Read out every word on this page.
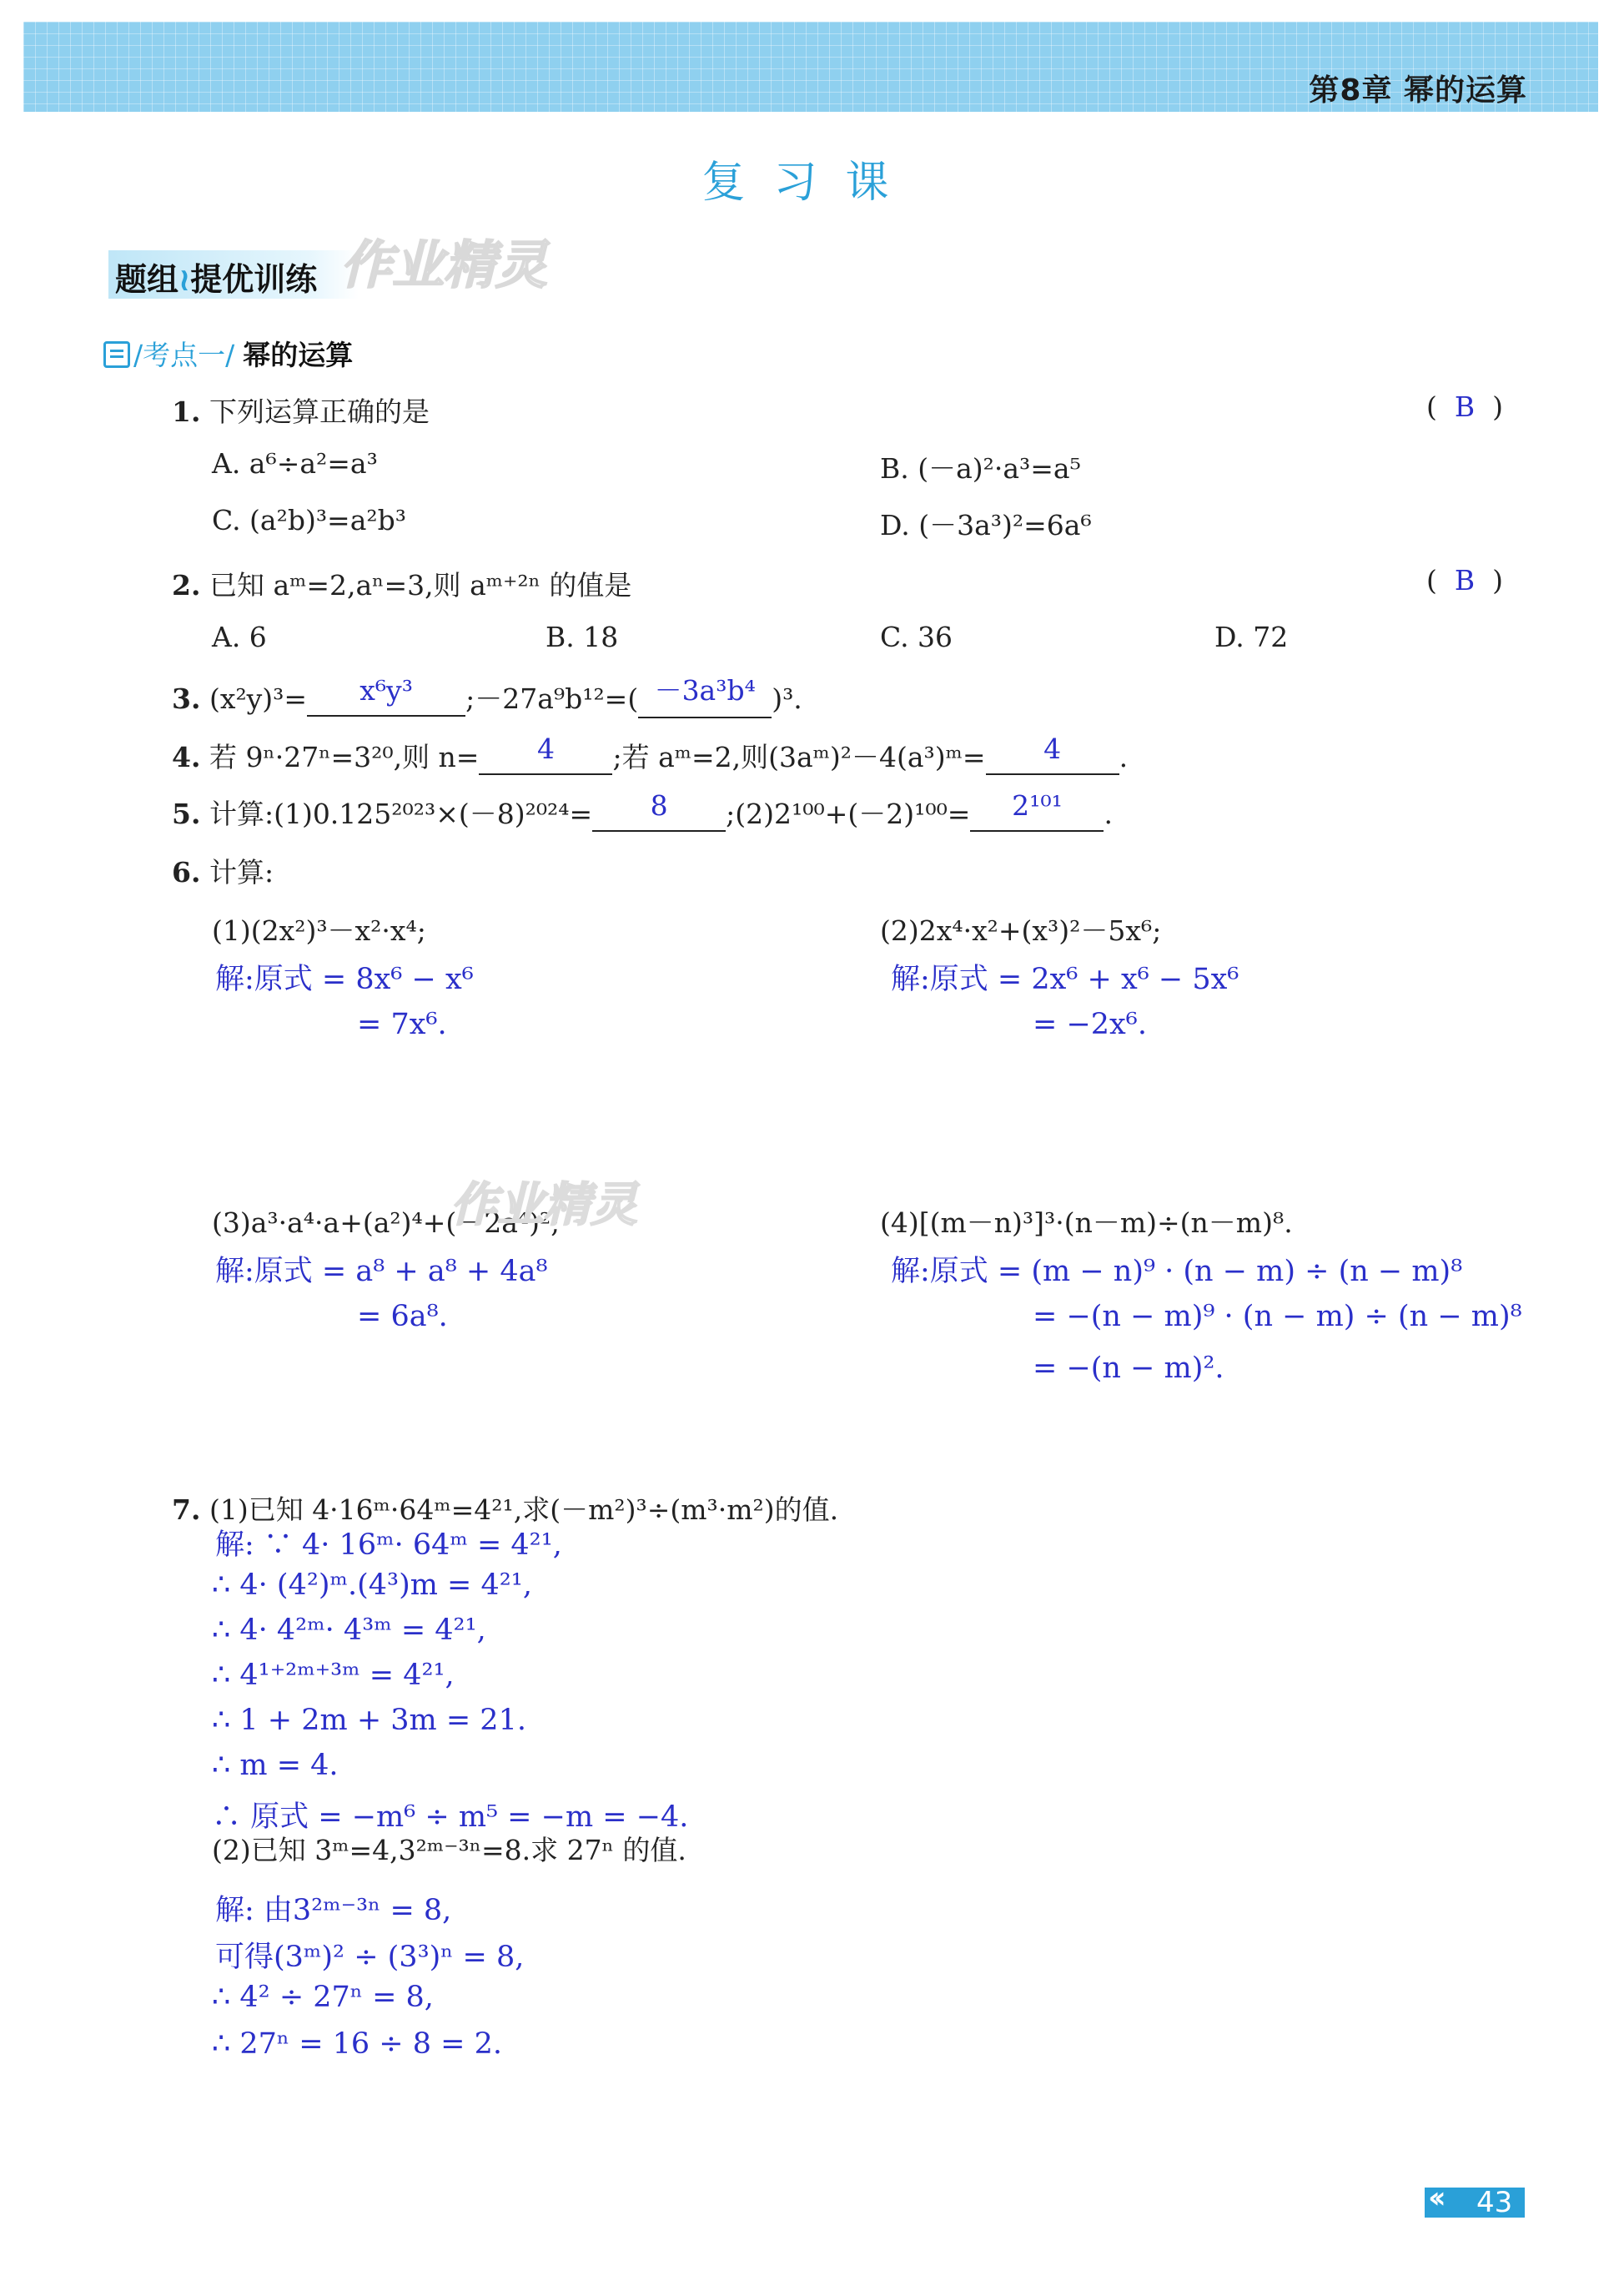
第8章 幂的运算
复习课
题组≀提优训练 作业精灵
/考点一/ 幂的运算
1. 下列运算正确的是	(  B  )
A. a⁶÷a²=a³	B. (－a)²·a³=a⁵
C. (a²b)³=a²b³	D. (－3a³)²=6a⁶
2. 已知 aᵐ=2,aⁿ=3,则 aᵐ⁺²ⁿ 的值是	(  B  )
A. 6	B. 18	C. 36	D. 72
3. (x²y)³= x⁶y³ ;－27a⁹b¹²=( －3a³b⁴ )³.
4. 若 9ⁿ·27ⁿ=3²⁰,则 n= 4 ;若 aᵐ=2,则(3aᵐ)²－4(a³)ᵐ= 4 .
5. 计算:(1)0.125²⁰²³×(－8)²⁰²⁴= 8 ;(2)2¹⁰⁰+(－2)¹⁰⁰= 2¹⁰¹ .
6. 计算:
(1)(2x²)³－x²·x⁴;
解:原式 = 8x⁶ − x⁶
= 7x⁶.
(2)2x⁴·x²+(x³)²－5x⁶;
解:原式 = 2x⁶ + x⁶ − 5x⁶
= −2x⁶.
(3)a³·a⁴·a+(a²)⁴+(－2a⁴)²;
解:原式 = a⁸ + a⁸ + 4a⁸
= 6a⁸.
作业精灵	(4)[(m－n)³]³·(n－m)÷(n－m)⁸.
解:原式 = (m − n)⁹ · (n − m) ÷ (n − m)⁸
= −(n − m)⁹ · (n − m) ÷ (n − m)⁸
= −(n − m)².
7. (1)已知 4·16ᵐ·64ᵐ=4²¹,求(－m²)³÷(m³·m²)的值.
解: ∵ 4· 16ᵐ· 64ᵐ = 4²¹,
∴ 4· (4²)ᵐ.(4³)m = 4²¹,
∴ 4· 4²ᵐ· 4³ᵐ = 4²¹,
∴ 4¹⁺²ᵐ⁺³ᵐ = 4²¹,
∴ 1 + 2m + 3m = 21.
∴ m = 4.
∴ 原式 = −m⁶ ÷ m⁵ = −m = −4.
(2)已知 3ᵐ=4,3²ᵐ⁻³ⁿ=8.求 27ⁿ 的值.
解: 由3²ᵐ⁻³ⁿ = 8,
可得(3ᵐ)² ÷ (3³)ⁿ = 8,
∴ 4² ÷ 27ⁿ = 8,
∴ 27ⁿ = 16 ÷ 8 = 2.
‹‹ 43
